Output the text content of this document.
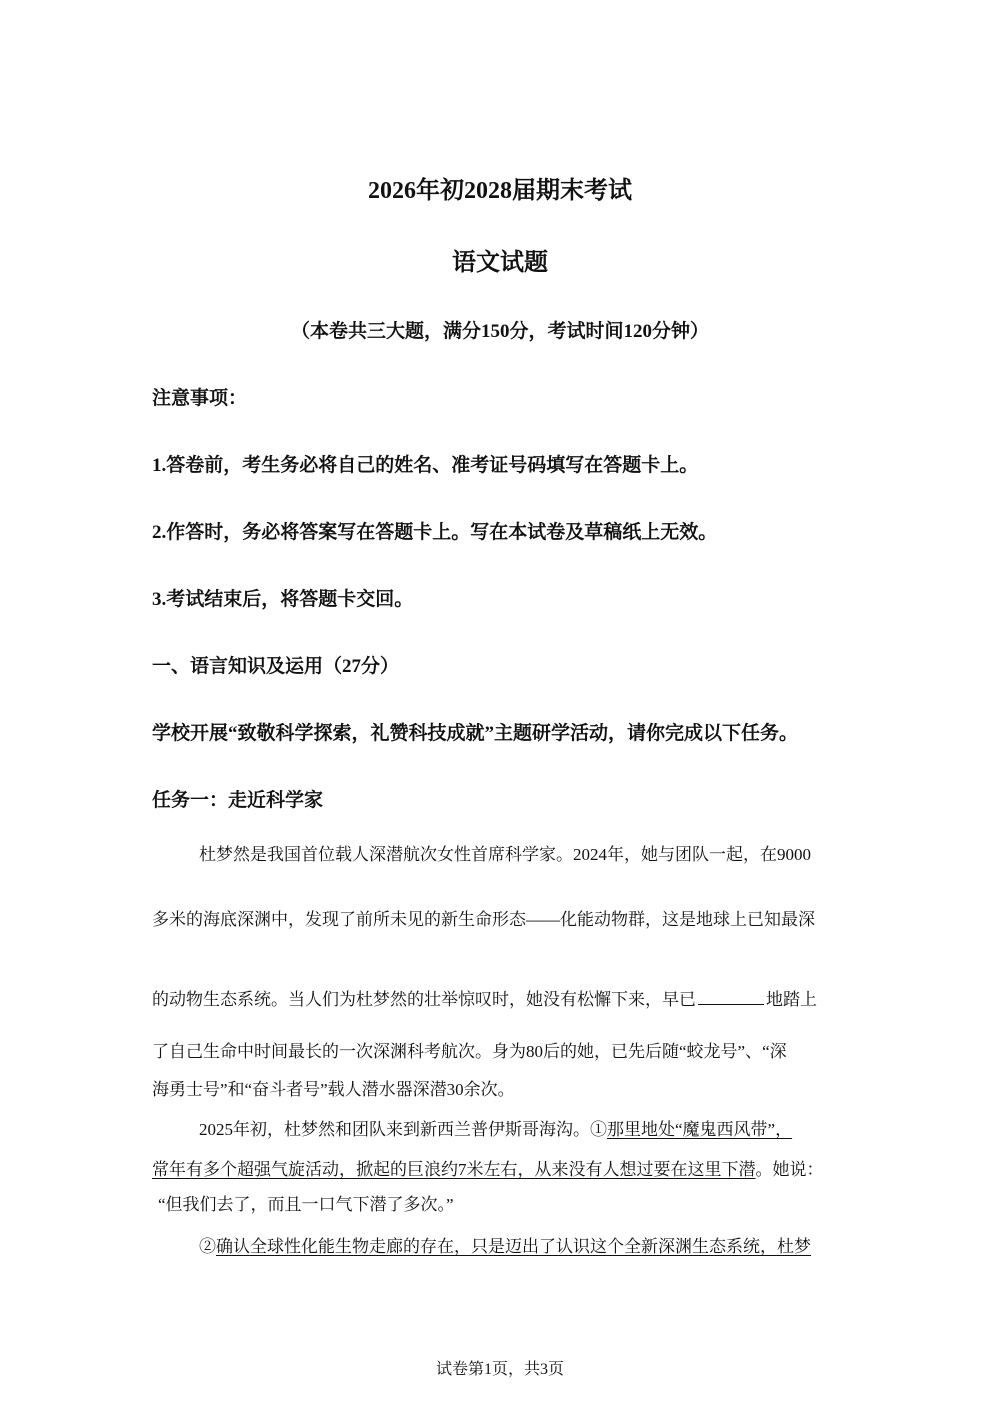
2026年初2028届期末考试
语文试题
（本卷共三大题，满分150分，考试时间120分钟）
注意事项：
1.答卷前，考生务必将自己的姓名、准考证号码填写在答题卡上。
2.作答时，务必将答案写在答题卡上。写在本试卷及草稿纸上无效。
3.考试结束后，将答题卡交回。
一、语言知识及运用（27分）
学校开展“致敬科学探索，礼赞科技成就”主题研学活动，请你完成以下任务。
任务一：走近科学家
杜梦然是我国首位载人深潜航次女性首席科学家。2024年，她与团队一起，在9000
多米的海底深渊中，发现了前所未见的新生命形态——化能动物群，这是地球上已知最深
的动物生态系统。当人们为杜梦然的壮举惊叹时，她没有松懈下来，早已	地踏上
了自己生命中时间最长的一次深渊科考航次。身为80后的她，已先后随“蛟龙号”、“深
海勇士号”和“奋斗者号”载人潜水器深潜30余次。
2025年初，杜梦然和团队来到新西兰普伊斯哥海沟。①那里地处“魔鬼西风带”，
常年有多个超强气旋活动，掀起的巨浪约7米左右，从来没有人想过要在这里下潜。她说：
“但我们去了，而且一口气下潜了多次。”
②确认全球性化能生物走廊的存在，只是迈出了认识这个全新深渊生态系统，杜梦
试卷第1页，共3页
